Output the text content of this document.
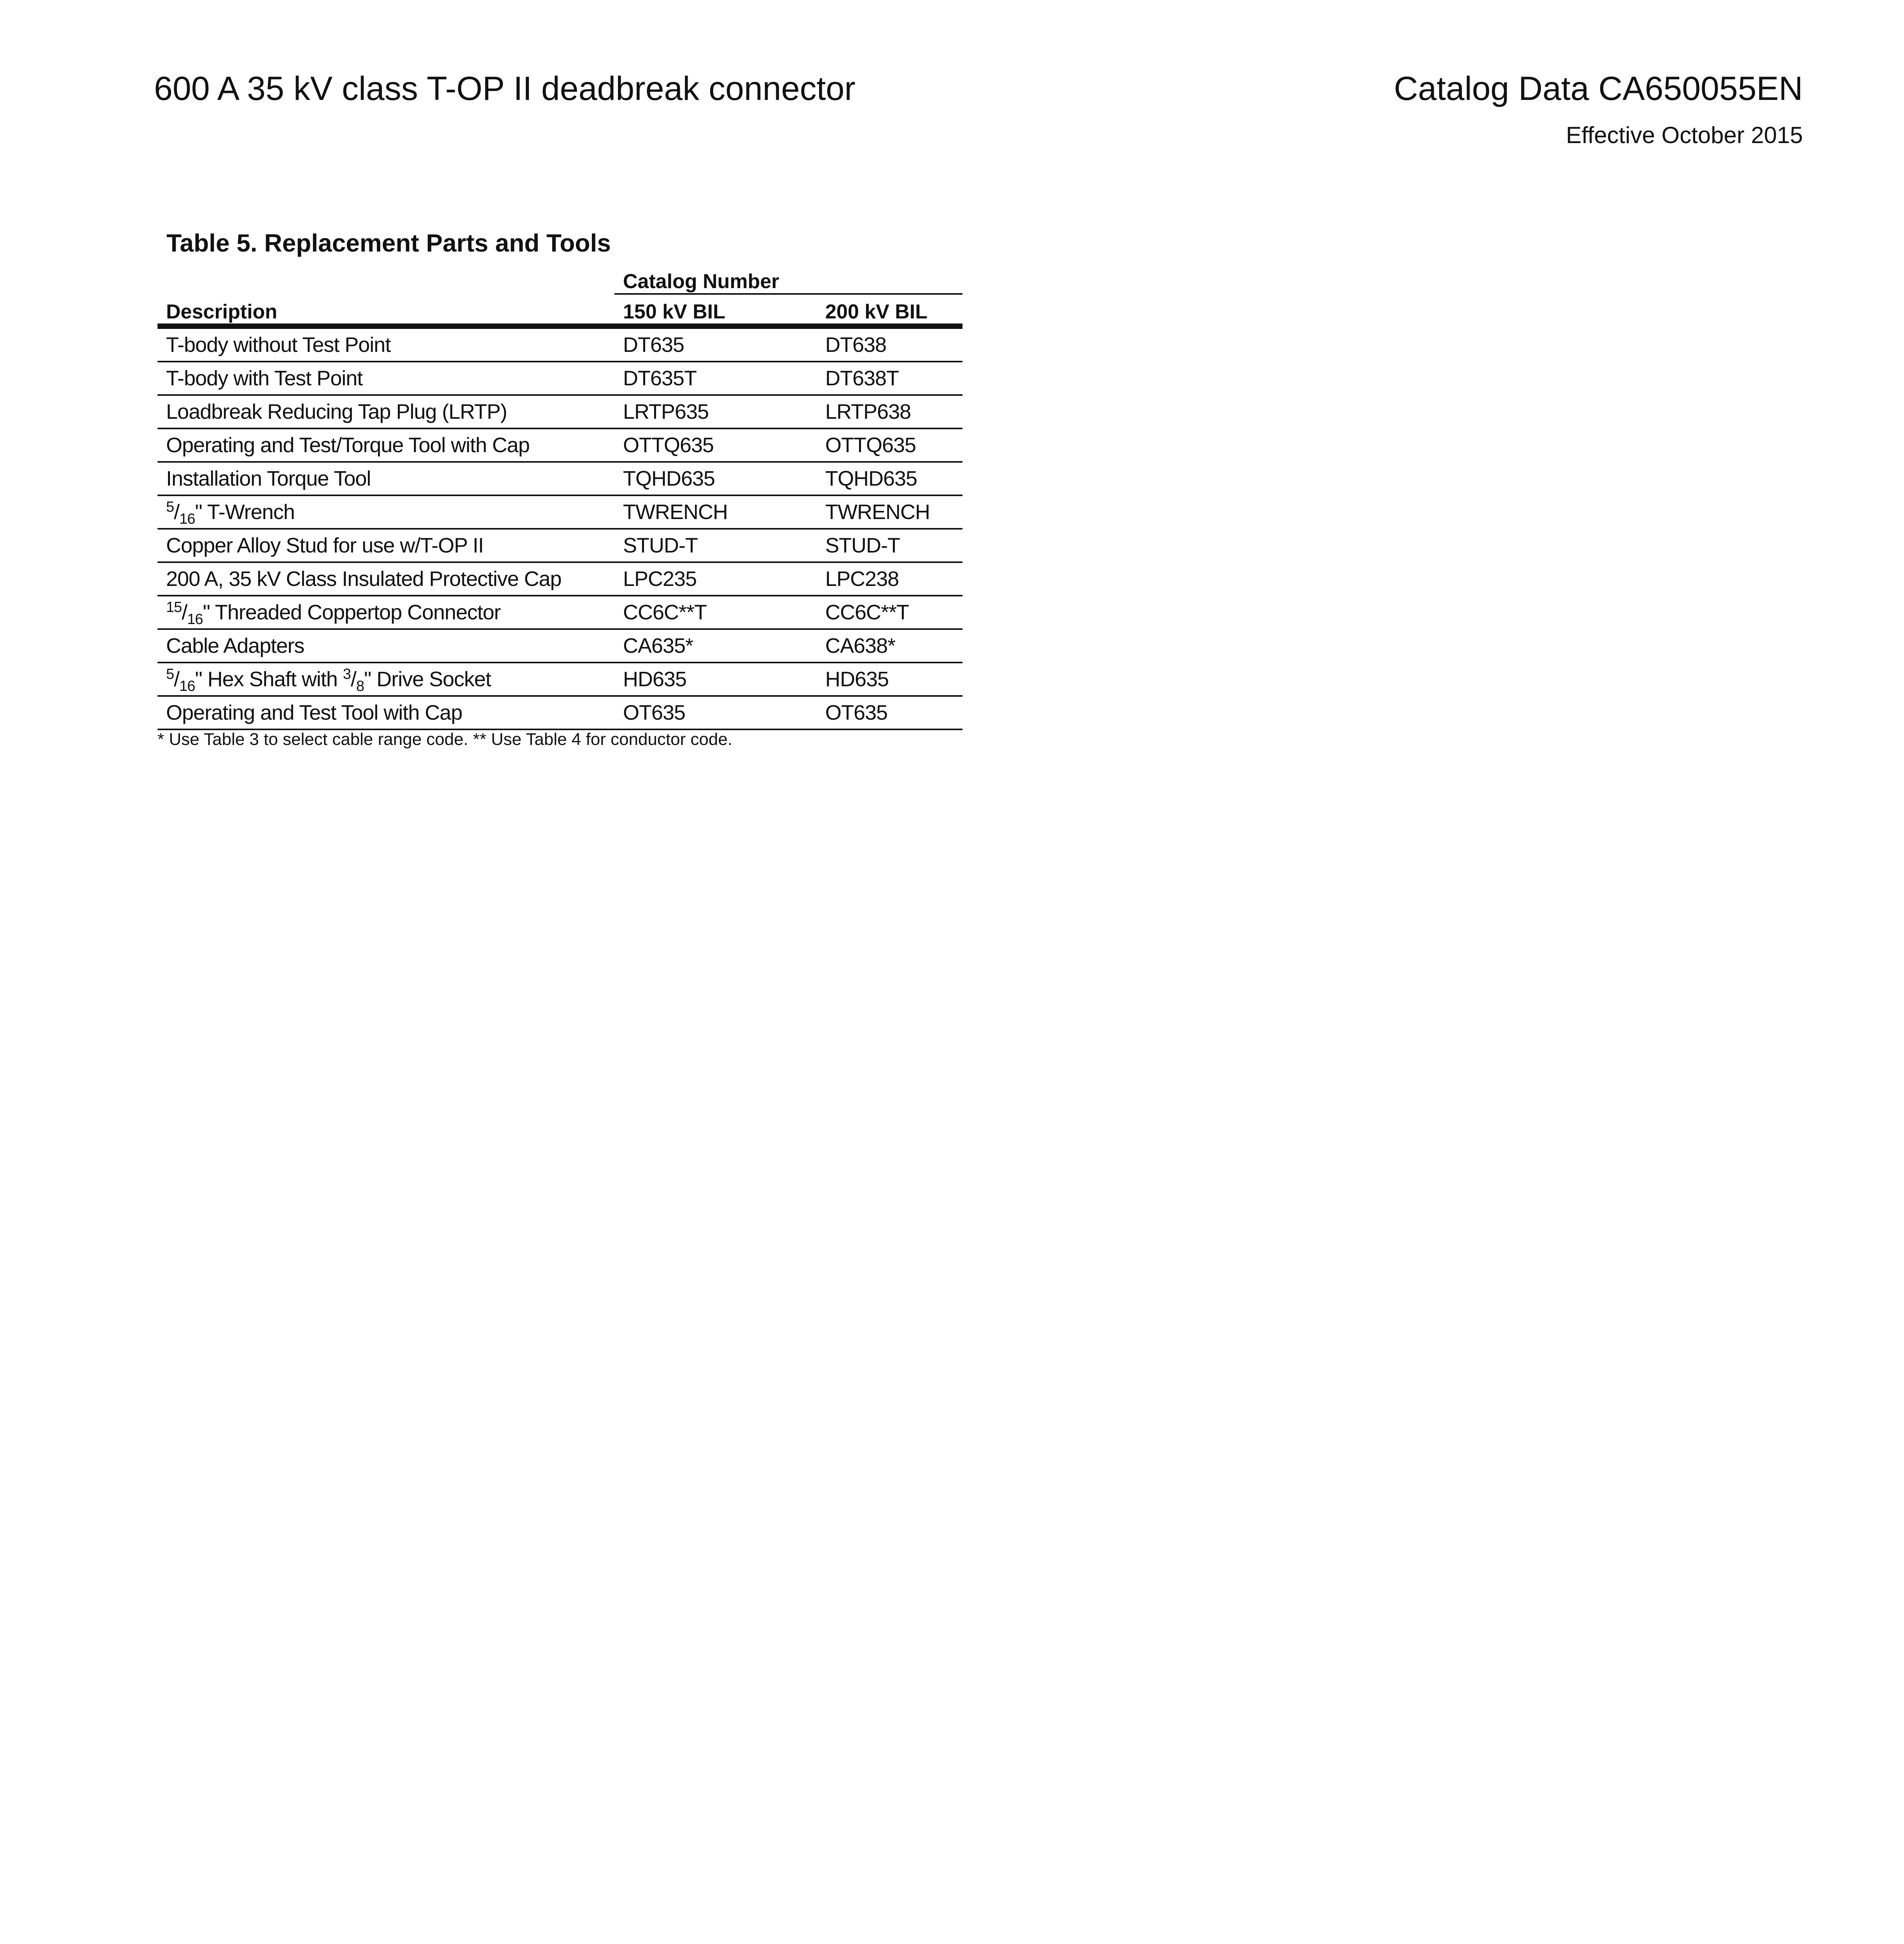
600 A 35 kV class T-OP II deadbreak connector	Catalog Data CA650055EN
Effective October 2015
Table 5. Replacement Parts and Tools
	Catalog Number	
Description	150 kV BIL	200 kV BIL
T-body without Test Point	DT635	DT638
T-body with Test Point	DT635T	DT638T
Loadbreak Reducing Tap Plug (LRTP)	LRTP635	LRTP638
Operating and Test/Torque Tool with Cap	OTTQ635	OTTQ635
Installation Torque Tool	TQHD635	TQHD635
$^5/_{16}$" T-Wrench	TWRENCH	TWRENCH
Copper Alloy Stud for use w/T-OP II	STUD-T	STUD-T
200 A, 35 kV Class Insulated Protective Cap	LPC235	LPC238
$^{15}/_{16}$" Threaded Coppertop Connector	CC6C**T	CC6C**T
Cable Adapters	CA635*	CA638*
$^5/_{16}$" Hex Shaft with $^3/_8$" Drive Socket	HD635	HD635
Operating and Test Tool with Cap	OT635	OT635
* Use Table 3 to select cable range code. ** Use Table 4 for conductor code.
